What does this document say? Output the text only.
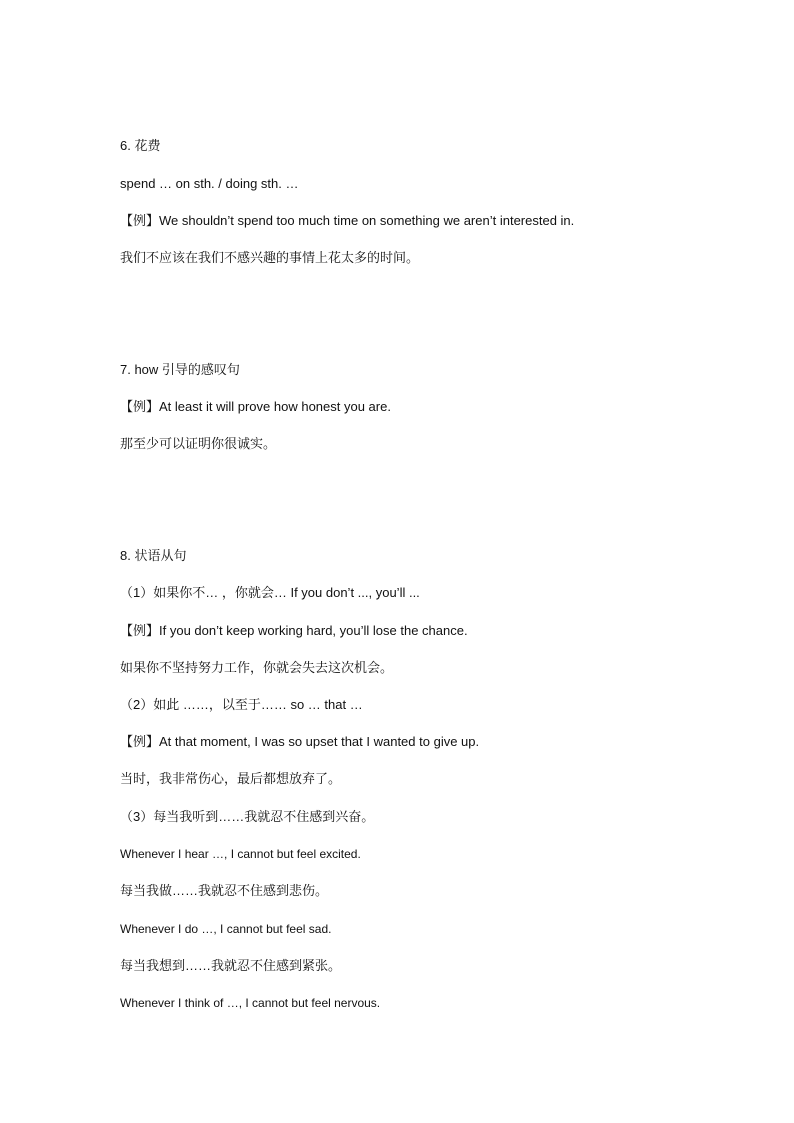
6. 花费
spend … on sth. / doing sth. …
【例】We shouldn’t spend too much time on something we aren’t interested in.
我们不应该在我们不感兴趣的事情上花太多的时间。
7. how 引导的感叹句
【例】At least it will prove how honest you are.
那至少可以证明你很诚实。
8. 状语从句
（1）如果你不… ，你就会… If you don’t ..., you’ll ...
【例】If you don’t keep working hard, you’ll lose the chance.
如果你不坚持努力工作，你就会失去这次机会。
（2）如此 ……，以至于…… so … that …
【例】At that moment, I was so upset that I wanted to give up.
当时，我非常伤心，最后都想放弃了。
（3）每当我听到……我就忍不住感到兴奋。
Whenever I hear …, I cannot but feel excited.
每当我做……我就忍不住感到悲伤。
Whenever I do …, I cannot but feel sad.
每当我想到……我就忍不住感到紧张。
Whenever I think of …, I cannot but feel nervous.
